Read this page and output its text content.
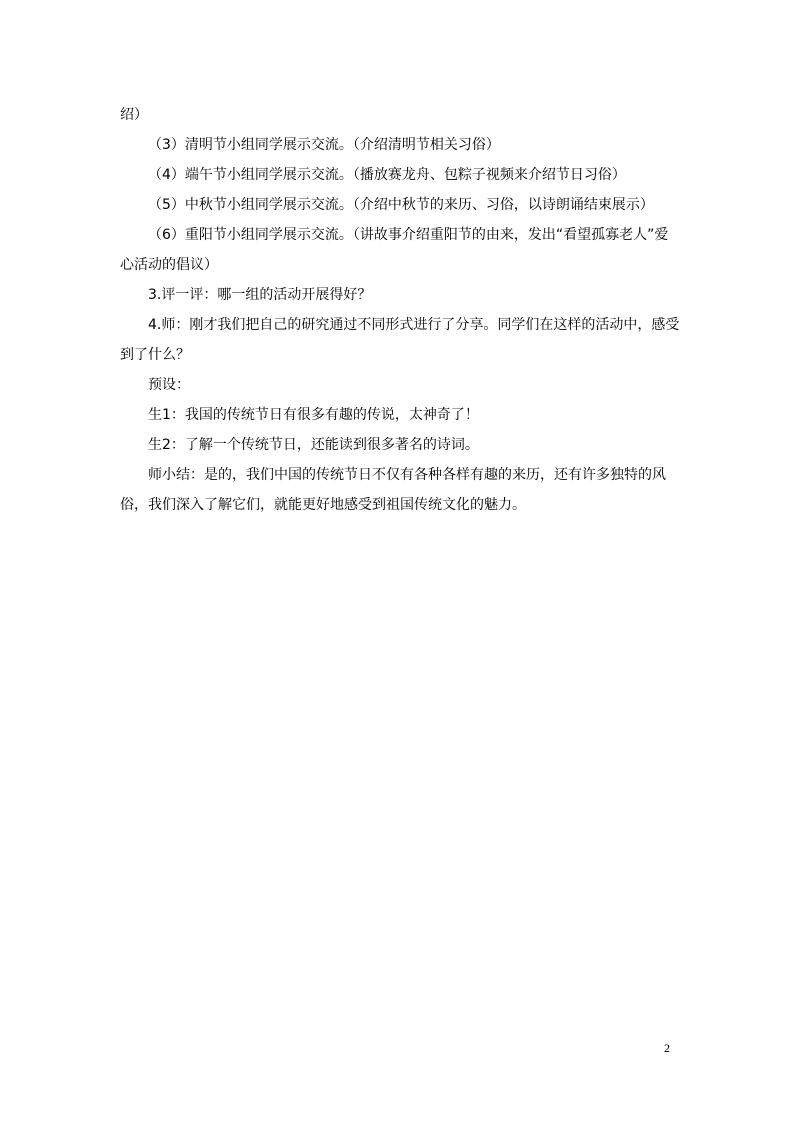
绍）

（3）清明节小组同学展示交流。（介绍清明节相关习俗）

（4）端午节小组同学展示交流。（播放赛龙舟、包粽子视频来介绍节日习俗）

（5）中秋节小组同学展示交流。（介绍中秋节的来历、习俗，以诗朗诵结束展示）

（6）重阳节小组同学展示交流。（讲故事介绍重阳节的由来，发出“看望孤寡老人”爱心活动的倡议）

3.评一评：哪一组的活动开展得好？

4.师：刚才我们把自己的研究通过不同形式进行了分享。同学们在这样的活动中，感受到了什么？

预设：

生1：我国的传统节日有很多有趣的传说，太神奇了！

生2：了解一个传统节日，还能读到很多著名的诗词。

师小结：是的，我们中国的传统节日不仅有各种各样有趣的来历，还有许多独特的风俗，我们深入了解它们，就能更好地感受到祖国传统文化的魅力。

2
